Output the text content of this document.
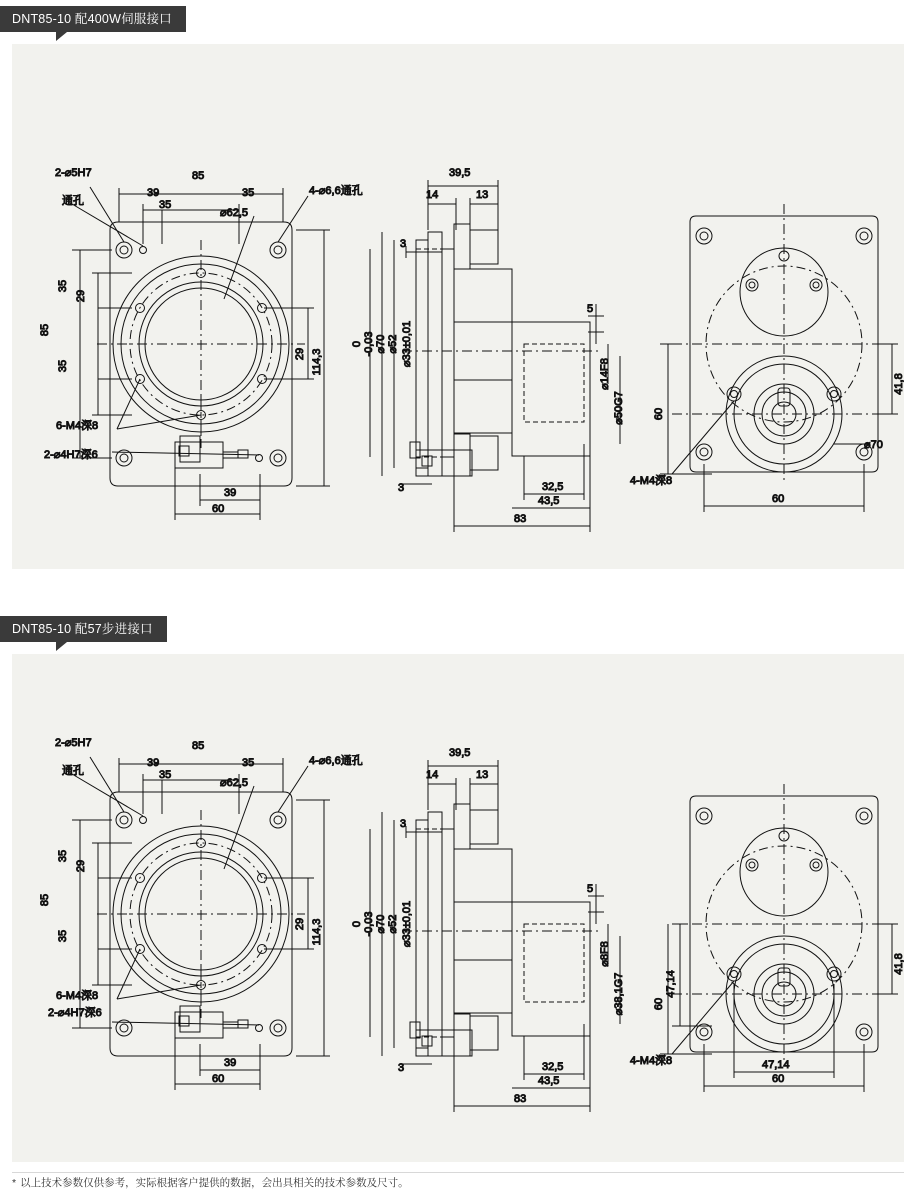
DNT85-10 配400W伺服接口
2-⌀5H7
通孔
4-⌀6,6通孔
85
39	35
35
⌀62,5
85
35
29
35
29 114,3
6-M4深8
2-⌀4H7深6
39
60
39,5
14	13
3
3
0 -0,03 ⌀70 ⌀52 ⌀33±0,01
5
⌀14F8
⌀50G7
32,5
43,5
83
41,8
60
⌀70
4-M4深8
60
DNT85-10 配57步进接口
2-⌀5H7
通孔
4-⌀6,6通孔
85
39	35
35
⌀62,5
85
35
29
35
29 114,3
6-M4深8
2-⌀4H7深6
39
60
39,5
14	13
3
3
0 -0,03 ⌀70 ⌀52 ⌀33±0,01
5
⌀8F8
⌀38,1G7
32,5
43,5
83
41,8
47,14
60
4-M4深8	47,14
60
* 以上技术参数仅供参考，实际根据客户提供的数据，会出具相关的技术参数及尺寸。
